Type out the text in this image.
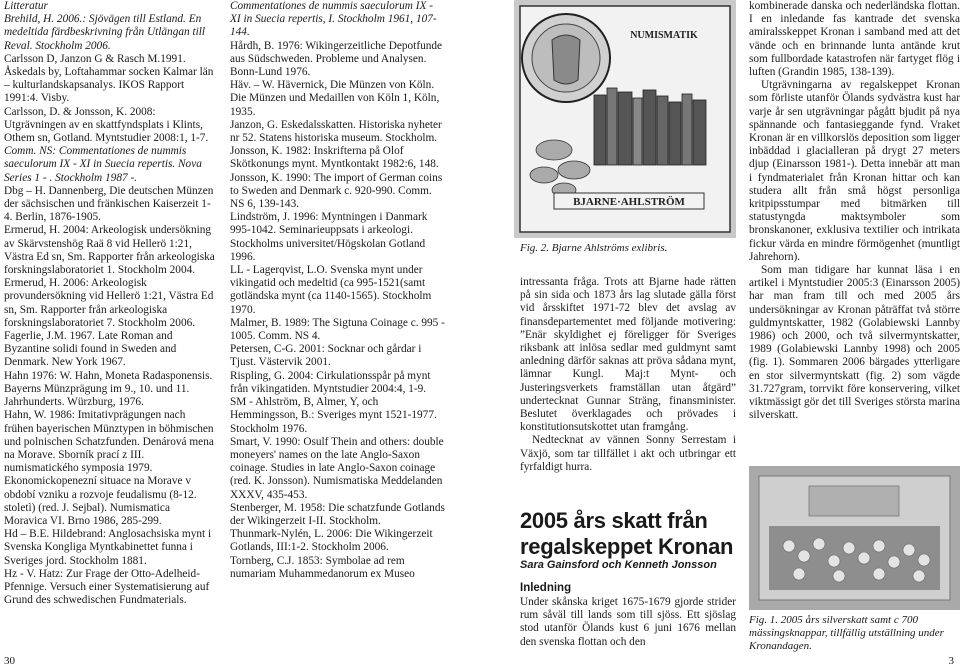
Litteratur

Brehild, H. 2006.: Sjövägen till Estland. En medeltida färdbeskrivning från Utlängan till Reval. Stockholm 2006.

Carlsson D, Janzon G & Rasch M.1991. Åskedals by, Loftahammar socken Kalmar län – kulturlandskapsanalys. IKOS Rapport 1991:4. Visby.

Carlsson, D. & Jonsson, K. 2008: Utgrävningen av en skattfyndsplats i Klints, Othem sn, Gotland. Myntstudier 2008:1, 1-7.

Comm. NS: Commentationes de nummis saeculorum IX - XI in Suecia repertis. Nova Series 1 - . Stockholm 1987 -.

Dbg – H. Dannenberg, Die deutschen Münzen der sächsischen und fränkischen Kaiserzeit 1-4. Berlin, 1876-1905.

Ermerud, H. 2004: Arkeologisk undersökning av Skärvstenshög Raä 8 vid Hellerö 1:21, Västra Ed sn, Sm. Rapporter från arkeologiska forskningslaboratoriet 1. Stockholm 2004.

Ermerud, H. 2006: Arkeologisk provundersökning vid Hellerö 1:21, Västra Ed sn, Sm. Rapporter från arkeologiska forskningslaboratoriet 7. Stockholm 2006.

Fagerlie, J.M. 1967. Late Roman and Byzantine solidi found in Sweden and Denmark. New York 1967.

Hahn 1976: W. Hahn, Moneta Radasponensis. Bayerns Münzprägung im 9., 10. und 11. Jahrhunderts. Würzburg, 1976.

Hahn, W. 1986: Imitativprägungen nach frühen bayerischen Münztypen in böhmischen und polnischen Schatzfunden. Denárová mena na Morave. Sborník prací z III. numismatického symposia 1979. Ekonomickopenezní situace na Morave v období vzniku a rozvoje feudalismu (8-12. stoletì) (red. J. Sejbal). Numismatica Moravica VI. Brno 1986, 285-299.

Hd – B.E. Hildebrand: Anglosachsiska mynt i Svenska Kongliga Myntkabinettet funna i Sveriges jord. Stockholm 1881.

Hz - V. Hatz: Zur Frage der Otto-Adelheid-Pfennige. Versuch einer Systematisierung auf Grund des schwedischen Fundmaterials.

Commentationes de nummis saeculorum IX - XI in Suecia repertis, I. Stockholm 1961, 107-144.

Hårdh, B. 1976: Wikingerzeitliche Depotfunde aus Südschweden. Probleme und Analysen. Bonn-Lund 1976.

Häv. – W. Hävernick, Die Münzen von Köln. Die Münzen und Medaillen von Köln 1, Köln, 1935.

Janzon, G. Eskedalsskatten. Historiska nyheter nr 52. Statens historiska museum. Stockholm.

Jonsson, K. 1982: Inskrifterna på Olof Skötkonungs mynt. Myntkontakt 1982:6, 148.

Jonsson, K. 1990: The import of German coins to Sweden and Denmark c. 920-990. Comm. NS 6, 139-143.

Lindström, J. 1996: Myntningen i Danmark 995-1042. Seminarieuppsats i arkeologi. Stockholms universitet/Högskolan Gotland 1996.

LL - Lagerqvist, L.O. Svenska mynt under vikingatid och medeltid (ca 995-1521(samt gotländska mynt (ca 1140-1565). Stockholm 1970.

Malmer, B. 1989: The Sigtuna Coinage c. 995 - 1005. Comm. NS 4.

Petersen, C-G. 2001: Socknar och gårdar i Tjust. Västervik 2001.

Rispling, G. 2004: Cirkulationsspår på mynt från vikingatiden. Myntstudier 2004:4, 1-9.

SM - Ahlström, B, Almer, Y, och Hemmingsson, B.: Sveriges mynt 1521-1977. Stockholm 1976.

Smart, V. 1990: Osulf Thein and others: double moneyers' names on the late Anglo-Saxon coinage. Studies in late Anglo-Saxon coinage (red. K. Jonsson). Numismatiska Meddelanden XXXV, 435-453.

Stenberger, M. 1958: Die schatzfunde Gotlands der Wikingerzeit I-II. Stockholm.

Thunmark-Nylén, L. 2006: Die Wikingerzeit Gotlands, III:1-2. Stockholm 2006.

Tornberg, C.J. 1853: Symbolae ad rem numariam Muhammedanorum ex Museo

30
NUMISMATIK
BJARNE·AHLSTRÖM
Fig. 2. Bjarne Ahlströms exlibris.

intressanta fråga. Trots att Bjarne hade rätten på sin sida och 1873 års lag slutade gälla först vid årsskiftet 1971-72 blev det avslag av finansdepartementet med följande motivering: ”Enär skyldighet ej föreligger för Sveriges riksbank att inlösa sedlar med guldmynt samt anledning därför saknas att pröva sådana mynt, lämnar Kungl. Maj:t Mynt- och Justeringsverkets framställan utan åtgärd” undertecknat Gunnar Sträng, finansminister. Beslutet överklagades och prövades i konstitutionsutskottet utan framgång.

Nedtecknat av vännen Sonny Serrestam i Växjö, som tar tillfället i akt och utbringar ett fyrfaldigt hurra.

2005 års skatt från regalskeppet Kronan
Sara Gainsford och Kenneth Jonsson
Inledning

Under skånska kriget 1675-1679 gjorde strider rum såväl till lands som till sjöss. Ett sjöslag stod utanför Ölands kust 6 juni 1676 mellan den svenska flottan och den

kombinerade danska och nederländska flottan. I en inledande fas kantrade det svenska amiralsskeppet Kronan i samband med att det vände och en brinnande lunta antände krut som fullbordade katastrofen när fartyget flög i luften (Grandin 1985, 138-139).

Utgrävningarna av regalskeppet Kronan som förliste utanför Ölands sydvästra kust har varje år sen utgrävningar pågått bjudit på nya spännande och fantasieggande fynd. Vraket Kronan är en villkorslös deposition som ligger inbäddad i glacialleran på drygt 27 meters djup (Einarsson 1981-). Detta innebär att man i fyndmaterialet från Kronan hittar och kan studera allt från små högst personliga kritpipsstumpar med bitmärken till statustyngda maktsymboler som bronskanoner, exklusiva textilier och intrikata fickur värda en mindre förmögenhet (muntligt Jahrehorn).

Som man tidigare har kunnat läsa i en artikel i Myntstudier 2005:3 (Einarsson 2005) har man fram till och med 2005 års undersökningar av Kronan påträffat två större guldmyntskatter, 1982 (Golabiewski Lannby 1986) och 2000, och två silvermyntskatter, 1989 (Golabiewski Lannby 1998) och 2005 (fig. 1). Sommaren 2006 bärgades ytterligare en stor silvermyntskatt (fig. 2) som vägde 31.727gram, torrvikt före konservering, vilket viktmässigt gör det till Sveriges största marina silverskatt.

Fig. 1. 2005 års silverskatt samt c 700 mässingsknappar, tillfällig utställning under Kronandagen.
3
